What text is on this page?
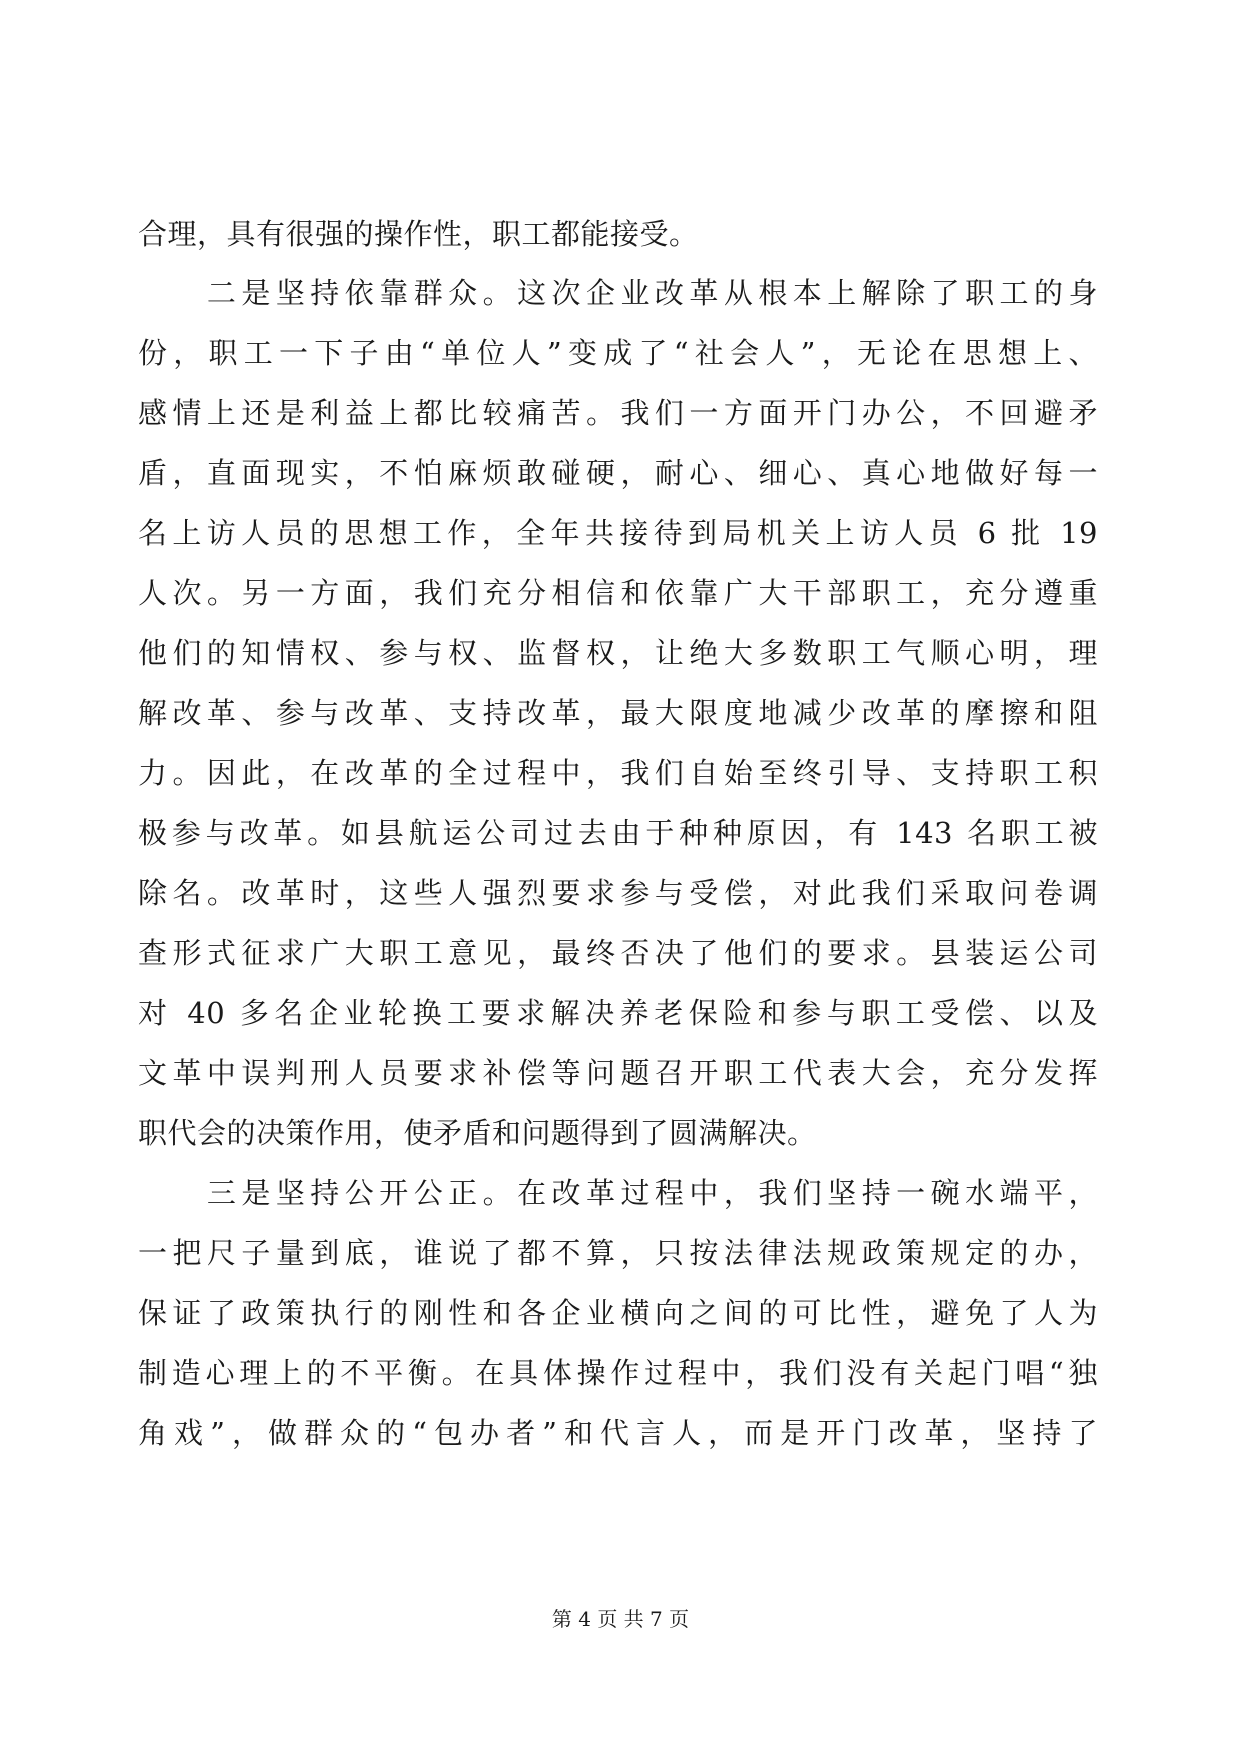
合理，具有很强的操作性，职工都能接受。
　　二是坚持依靠群众。这次企业改革从根本上解除了职工的身
份，职工一下子由“单位人”变成了“社会人”，无论在思想上、
感情上还是利益上都比较痛苦。我们一方面开门办公，不回避矛
盾，直面现实，不怕麻烦敢碰硬，耐心、细心、真心地做好每一
名上访人员的思想工作，全年共接待到局机关上访人员 6 批 19
人次。另一方面，我们充分相信和依靠广大干部职工，充分遵重
他们的知情权、参与权、监督权，让绝大多数职工气顺心明，理
解改革、参与改革、支持改革，最大限度地减少改革的摩擦和阻
力。因此，在改革的全过程中，我们自始至终引导、支持职工积
极参与改革。如县航运公司过去由于种种原因，有 143 名职工被
除名。改革时，这些人强烈要求参与受偿，对此我们采取问卷调
查形式征求广大职工意见，最终否决了他们的要求。县装运公司
对 40 多名企业轮换工要求解决养老保险和参与职工受偿、以及
文革中误判刑人员要求补偿等问题召开职工代表大会，充分发挥
职代会的决策作用，使矛盾和问题得到了圆满解决。
　　三是坚持公开公正。在改革过程中，我们坚持一碗水端平，
一把尺子量到底，谁说了都不算，只按法律法规政策规定的办，
保证了政策执行的刚性和各企业横向之间的可比性，避免了人为
制造心理上的不平衡。在具体操作过程中，我们没有关起门唱“独
角戏”，做群众的“包办者”和代言人，而是开门改革，坚持了
第 4 页 共 7 页
